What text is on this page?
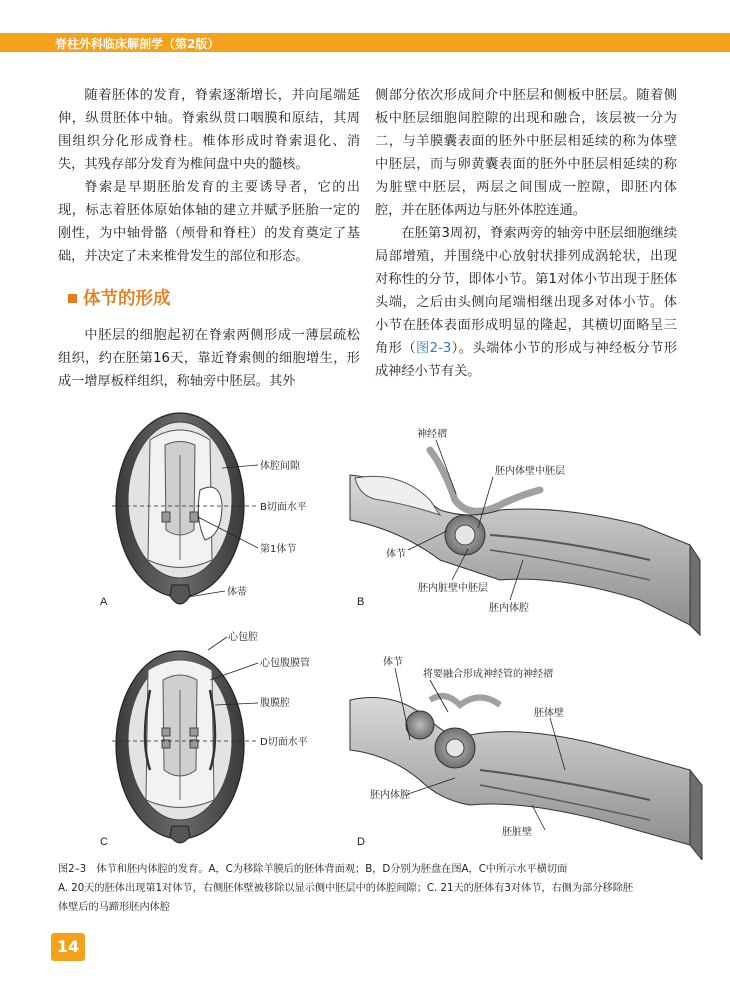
脊柱外科临床解剖学（第2版）

随着胚体的发育，脊索逐渐增长，并向尾端延伸，纵贯胚体中轴。脊索纵贯口咽膜和原结，其周围组织分化形成脊柱。椎体形成时脊索退化、消失，其残存部分发育为椎间盘中央的髓核。

脊索是早期胚胎发育的主要诱导者，它的出现，标志着胚体原始体轴的建立并赋予胚胎一定的刚性，为中轴骨骼（颅骨和脊柱）的发育奠定了基础，并决定了未来椎骨发生的部位和形态。

体节的形成

中胚层的细胞起初在脊索两侧形成一薄层疏松组织，约在胚第16天，靠近脊索侧的细胞增生，形成一增厚板样组织，称轴旁中胚层。其外

侧部分依次形成间介中胚层和侧板中胚层。随着侧板中胚层细胞间腔隙的出现和融合，该层被一分为二，与羊膜囊表面的胚外中胚层相延续的称为体壁中胚层，而与卵黄囊表面的胚外中胚层相延续的称为脏壁中胚层，两层之间围成一腔隙，即胚内体腔，并在胚体两边与胚外体腔连通。

在胚第3周初，脊索两旁的轴旁中胚层细胞继续局部增殖，并围绕中心放射状排列成涡轮状，出现对称性的分节，即体小节。第1对体小节出现于胚体头端，之后由头侧向尾端相继出现多对体小节。体小节在胚体表面形成明显的隆起，其横切面略呈三角形（图2-3）。头端体小节的形成与神经板分节形成神经小节有关。

体腔间隙
B切面水平
第1体节
体蒂
A
神经褶
胚内体壁中胚层
体节
胚内脏壁中胚层
胚内体腔
B
心包腔
心包腹膜管
腹膜腔
D切面水平
C
体节
将要融合形成神经管的神经褶
胚体壁
胚内体腔
胚脏壁
D
图2–3　体节和胚内体腔的发育。A，C为移除羊膜后的胚体背面观；B，D分别为胚盘在图A，C中所示水平横切面
A. 20天的胚体出现第1对体节，右侧胚体壁被移除以显示侧中胚层中的体腔间隙；C. 21天的胚体有3对体节，右侧为部分移除胚
体壁后的马蹄形胚内体腔
14
